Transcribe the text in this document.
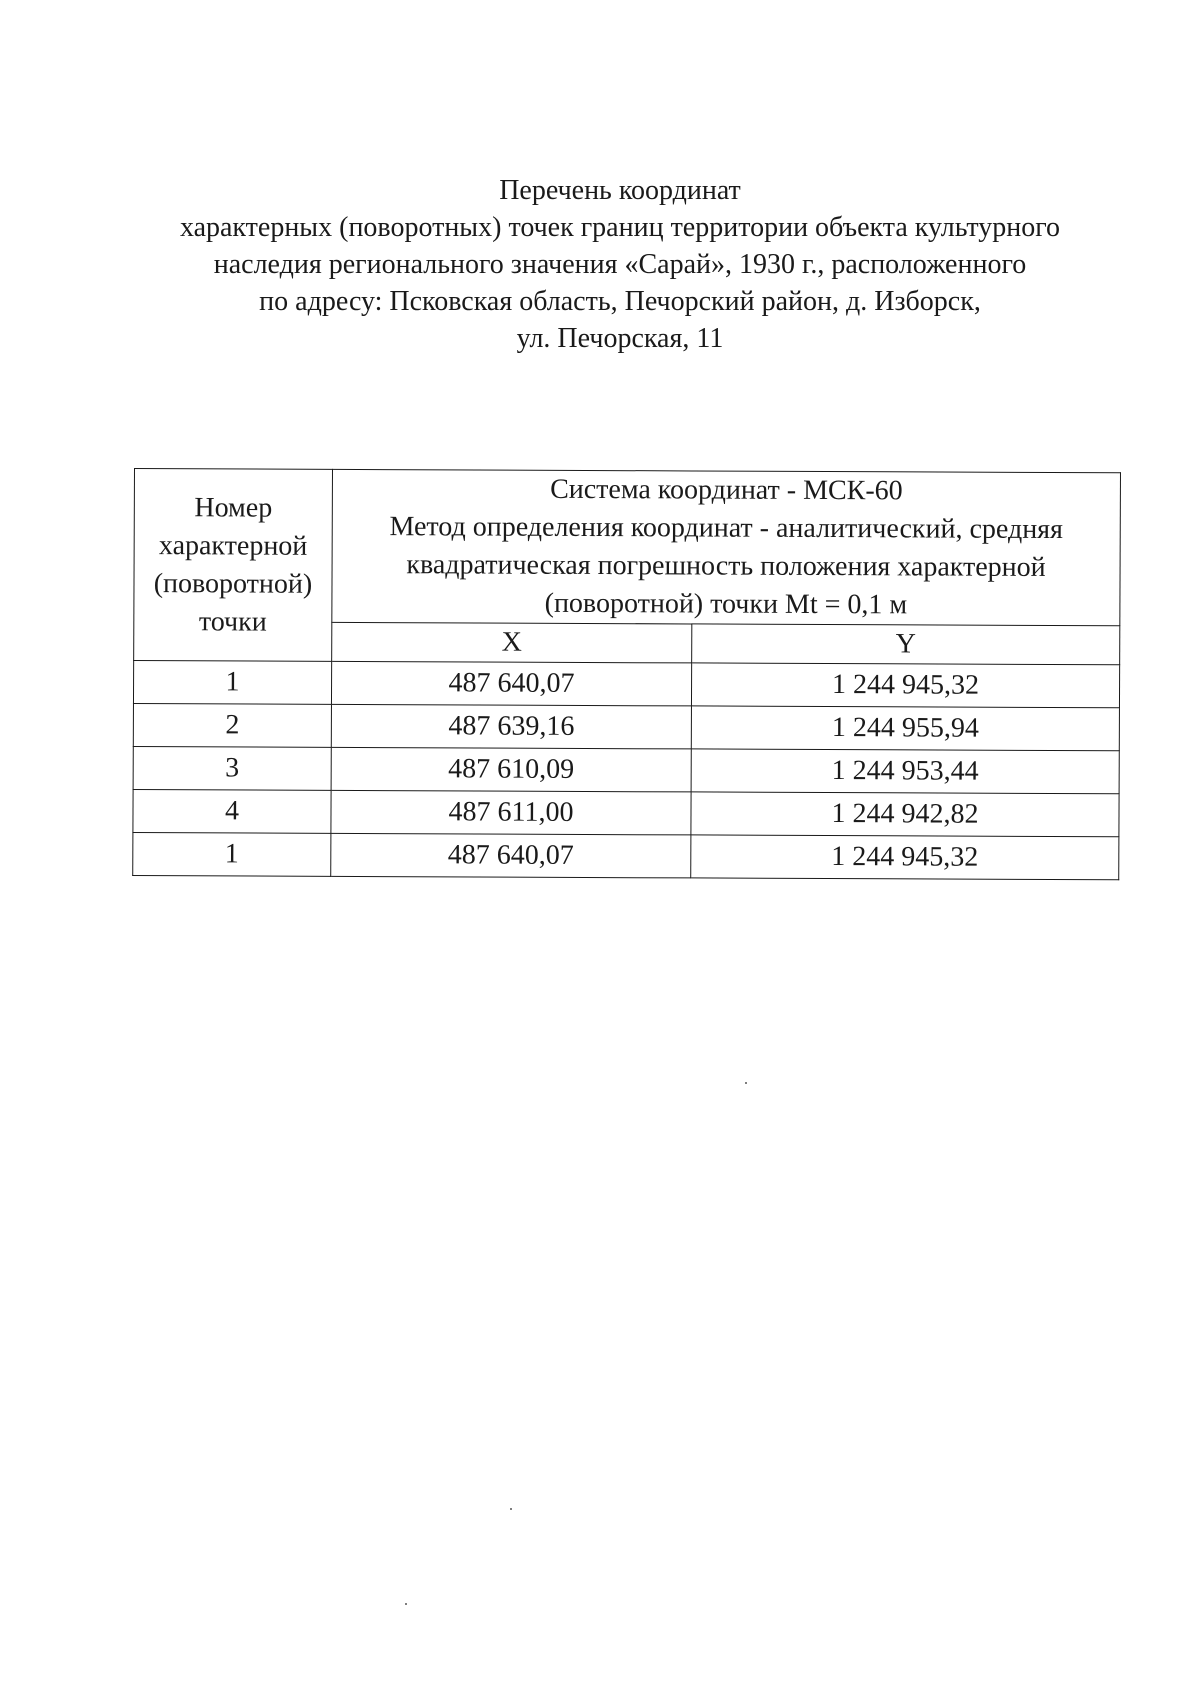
Перечень координат
характерных (поворотных) точек границ территории объекта культурного
наследия регионального значения «Сарай», 1930 г., расположенного
по адресу: Псковская область, Печорский район, д. Изборск,
ул. Печорская, 11
Номер
характерной
(поворотной)
точки	Система координат - МСК-60
Метод определения координат - аналитический, средняя
квадратическая погрешность положения характерной
(поворотной) точки Mt = 0,1 м	

	X	Y
1	487 640,07	1 244 945,32
2	487 639,16	1 244 955,94
3	487 610,09	1 244 953,44
4	487 611,00	1 244 942,82
1	487 640,07	1 244 945,32
